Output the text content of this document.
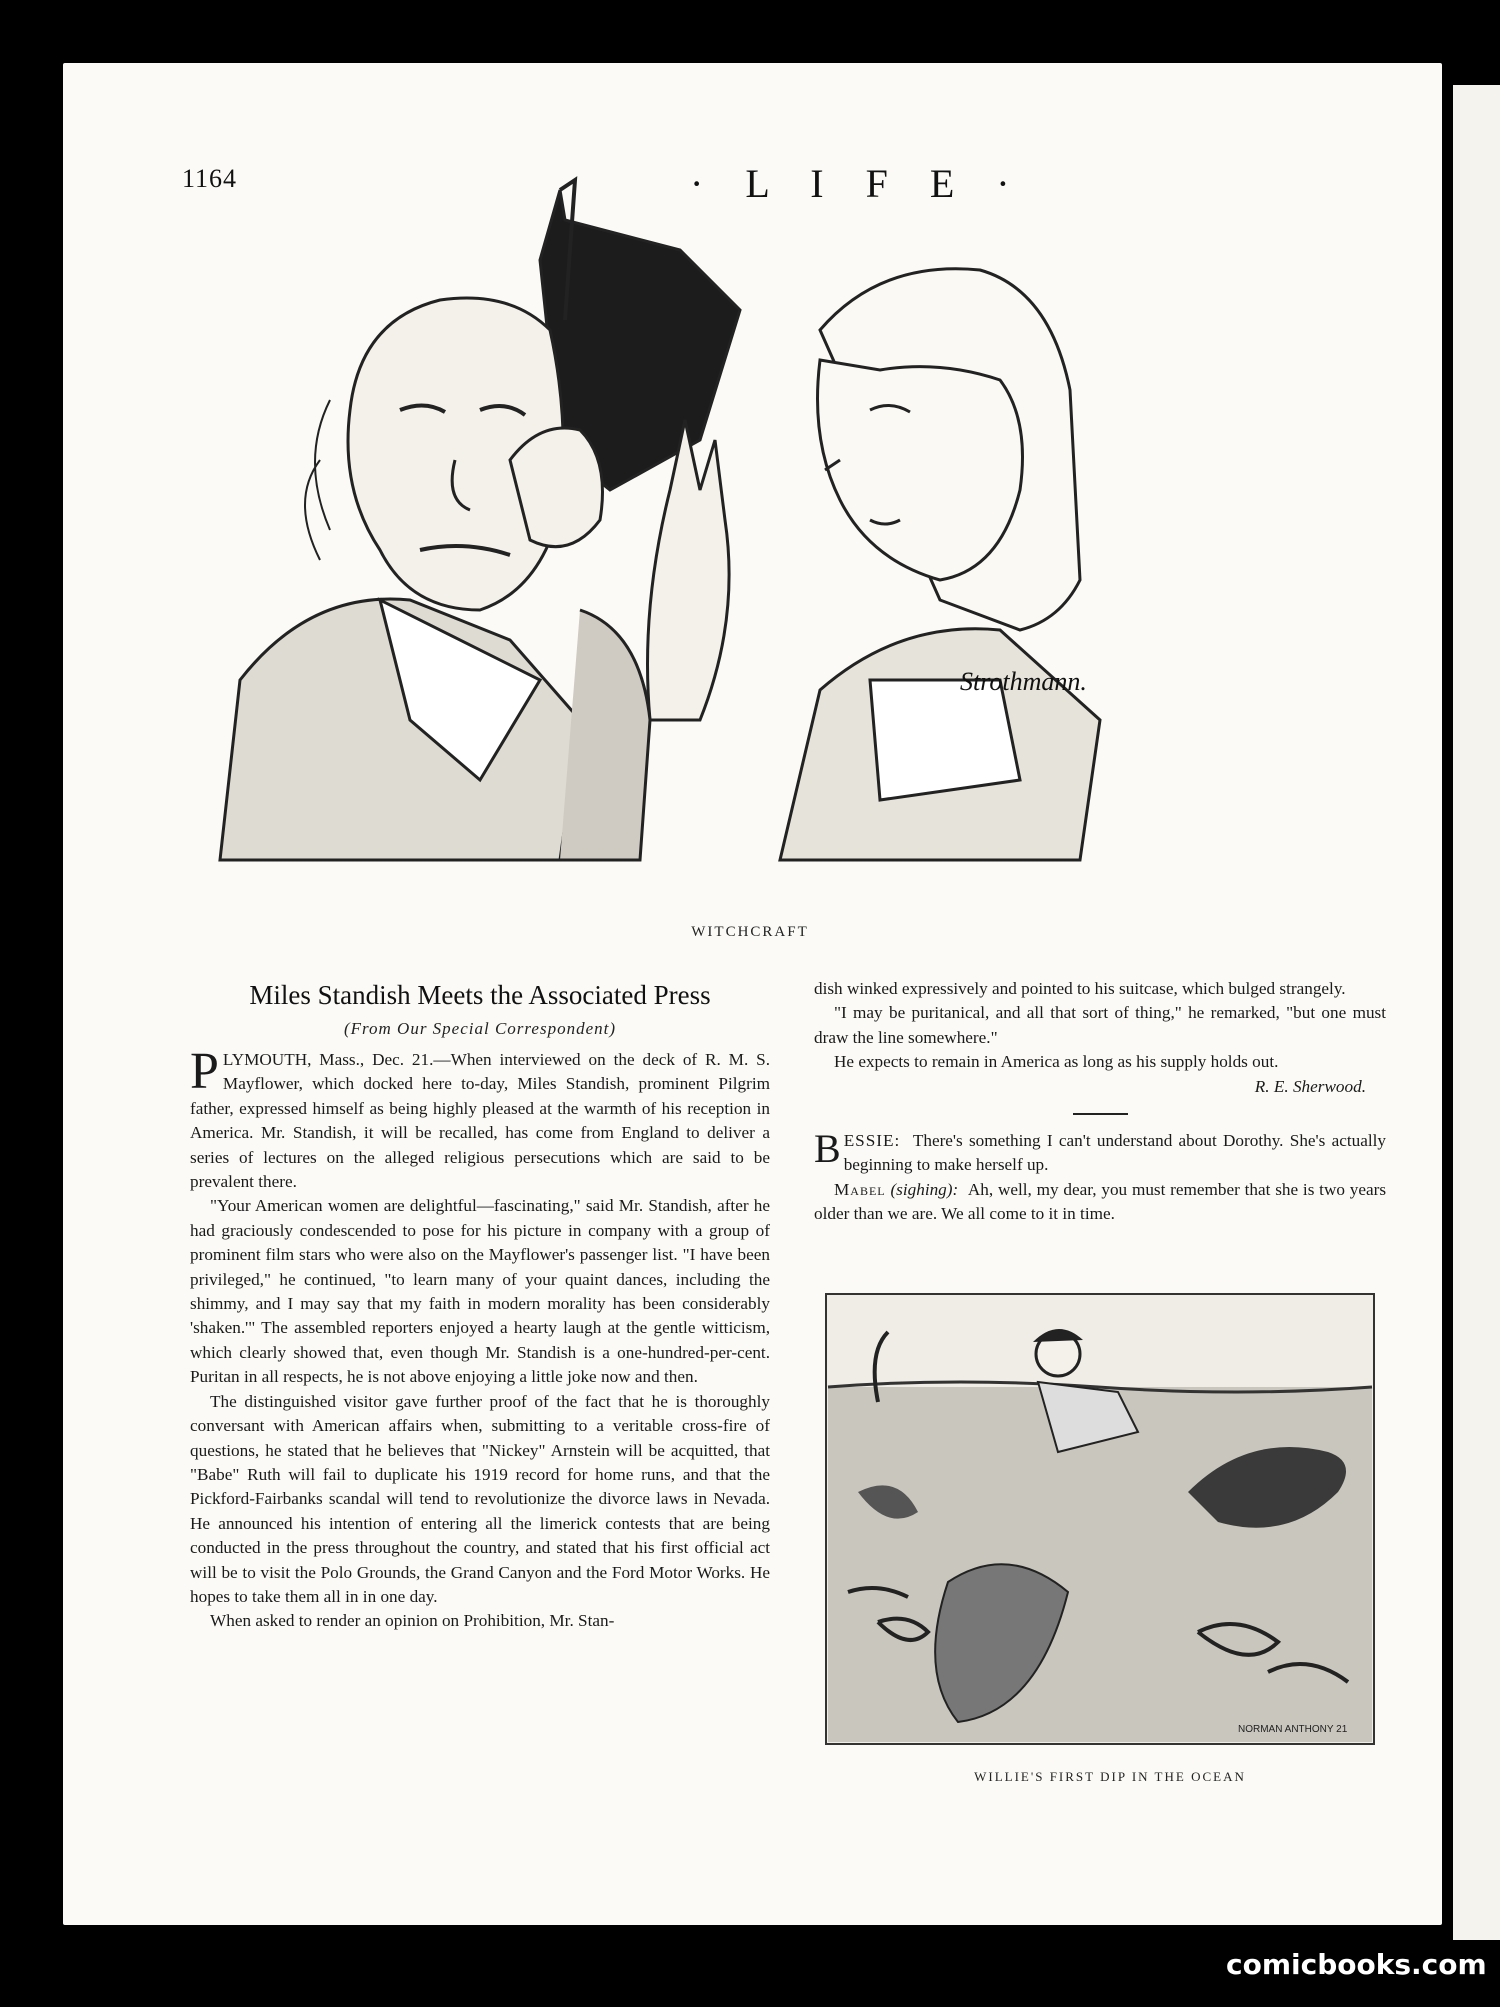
1164	· L I F E ·
Strothmann.
WITCHCRAFT
Miles Standish Meets the Associated Press
(From Our Special Correspondent)

PLYMOUTH, Mass., Dec. 21.—When interviewed on the deck of R. M. S. Mayflower, which docked here to-day, Miles Standish, prominent Pilgrim father, expressed himself as being highly pleased at the warmth of his reception in America. Mr. Standish, it will be recalled, has come from England to deliver a series of lectures on the alleged religious persecutions which are said to be prevalent there.

"Your American women are delightful—fascinating," said Mr. Standish, after he had graciously condescended to pose for his picture in company with a group of prominent film stars who were also on the Mayflower's passenger list. "I have been privileged," he continued, "to learn many of your quaint dances, including the shimmy, and I may say that my faith in modern morality has been considerably 'shaken.'" The assembled reporters enjoyed a hearty laugh at the gentle witticism, which clearly showed that, even though Mr. Standish is a one-hundred-per-cent. Puritan in all respects, he is not above enjoying a little joke now and then.

The distinguished visitor gave further proof of the fact that he is thoroughly conversant with American affairs when, submitting to a veritable cross-fire of questions, he stated that he believes that "Nickey" Arnstein will be acquitted, that "Babe" Ruth will fail to duplicate his 1919 record for home runs, and that the Pickford-Fairbanks scandal will tend to revolutionize the divorce laws in Nevada. He announced his intention of entering all the limerick contests that are being conducted in the press throughout the country, and stated that his first official act will be to visit the Polo Grounds, the Grand Canyon and the Ford Motor Works. He hopes to take them all in in one day.

When asked to render an opinion on Prohibition, Mr. Stan-

dish winked expressively and pointed to his suitcase, which bulged strangely.

"I may be puritanical, and all that sort of thing," he remarked, "but one must draw the line somewhere."

He expects to remain in America as long as his supply holds out.

R. E. Sherwood.

BESSIE: There's something I can't understand about Dorothy. She's actually beginning to make herself up.

Mabel (sighing): Ah, well, my dear, you must remember that she is two years older than we are. We all come to it in time.

NORMAN ANTHONY 21
WILLIE'S FIRST DIP IN THE OCEAN
comicbooks.com
